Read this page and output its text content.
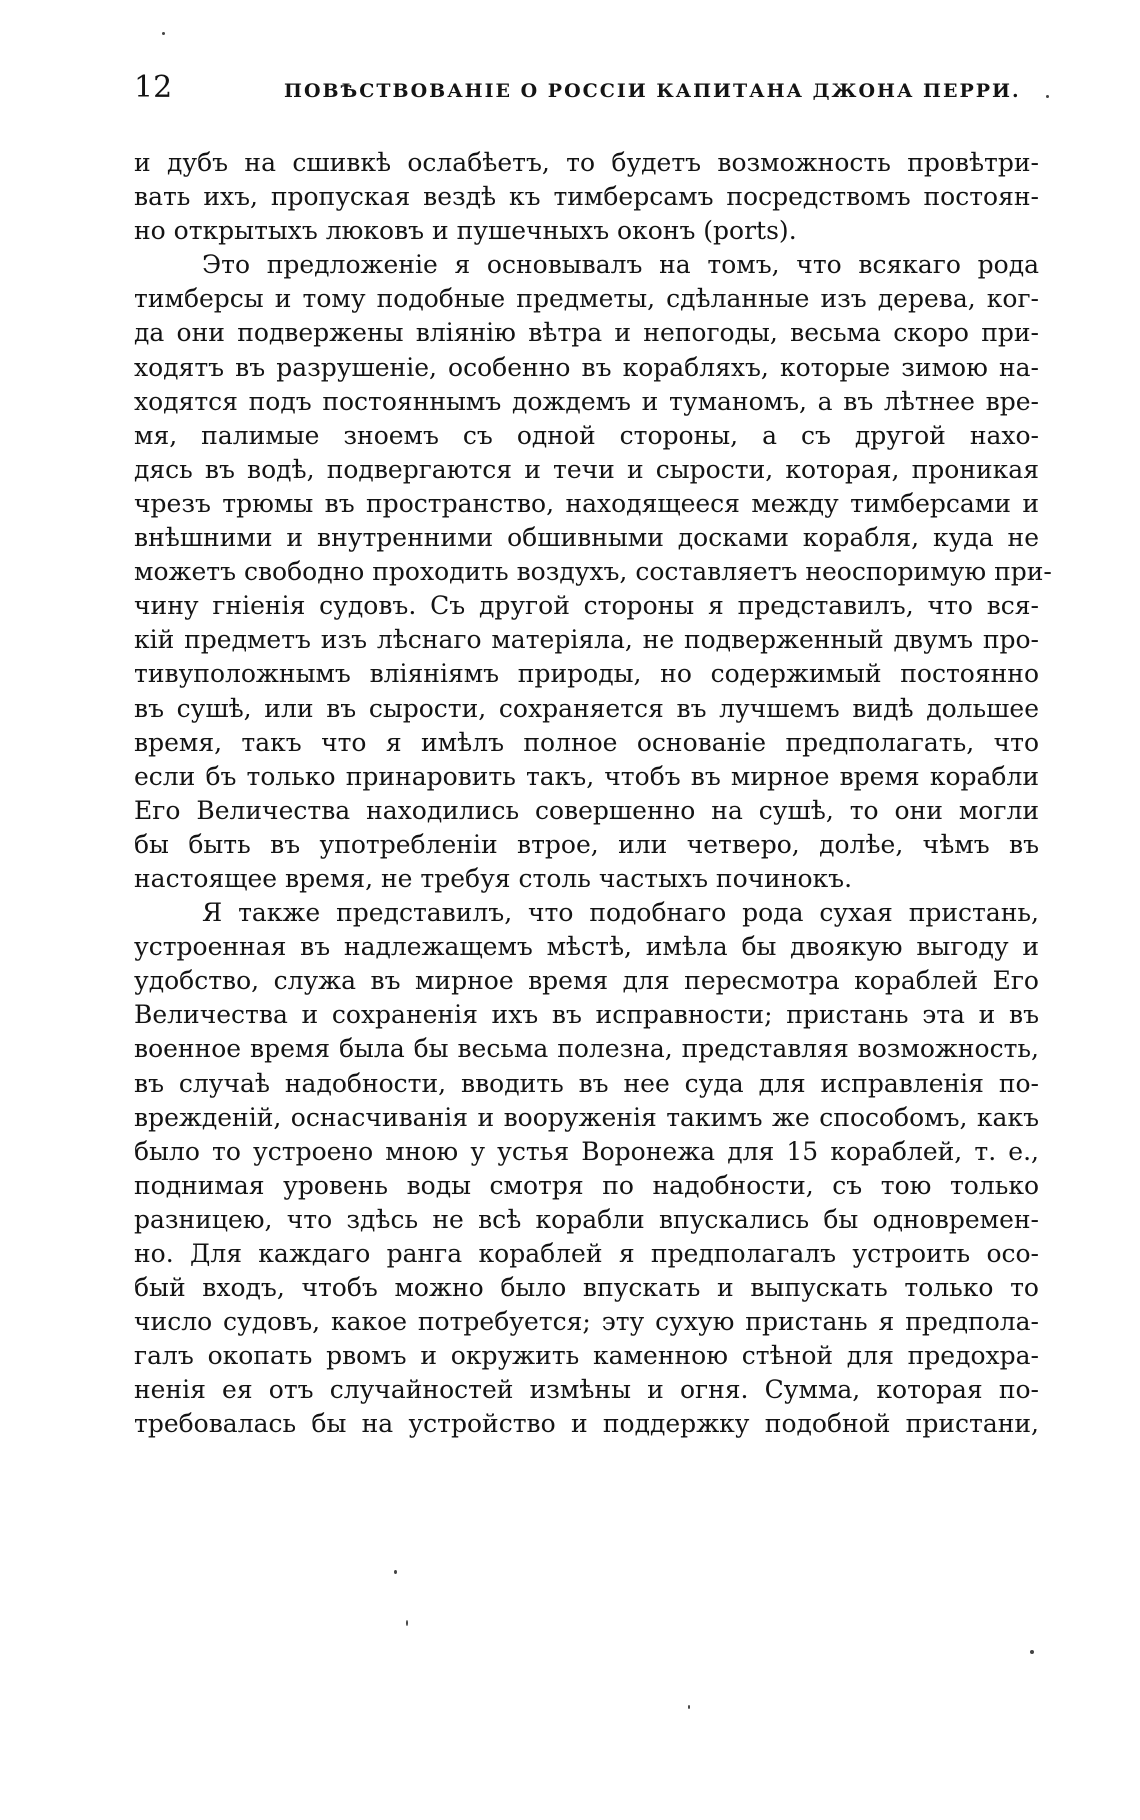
12	ПОВѢСТВОВАНІЕ О РОССІИ КАПИТАНА ДЖОНА ПЕРРИ.
и дубъ на сшивкѣ ослабѣетъ, то будетъ возможность провѣтри-
вать ихъ, пропуская вездѣ къ тимберсамъ посредствомъ постоян-
но открытыхъ люковъ и пушечныхъ оконъ (ports).
Это предложеніе я основывалъ на томъ, что всякаго рода
тимберсы и тому подобные предметы, сдѣланные изъ дерева, ког-
да они подвержены вліянію вѣтра и непогоды, весьма скоро при-
ходятъ въ разрушеніе, особенно въ корабляхъ, которые зимою на-
ходятся подъ постояннымъ дождемъ и туманомъ, а въ лѣтнее вре-
мя, палимые зноемъ съ одной стороны, а съ другой нахо-
дясь въ водѣ, подвергаются и течи и сырости, которая, проникая
чрезъ трюмы въ пространство, находящееся между тимберсами и
внѣшними и внутренними обшивными досками корабля, куда не
можетъ свободно проходить воздухъ, составляетъ неоспоримую при-
чину гніенія судовъ. Съ другой стороны я представилъ, что вся-
кій предметъ изъ лѣснаго матеріяла, не подверженный двумъ про-
тивуположнымъ вліяніямъ природы, но содержимый постоянно
въ сушѣ, или въ сырости, сохраняется въ лучшемъ видѣ дольшее
время, такъ что я имѣлъ полное основаніе предполагать, что
если бъ только принаровить такъ, чтобъ въ мирное время корабли
Его Величества находились совершенно на сушѣ, то они могли
бы быть въ употребленіи втрое, или четверо, долѣе, чѣмъ въ
настоящее время, не требуя столь частыхъ починокъ.
Я также представилъ, что подобнаго рода сухая пристань,
устроенная въ надлежащемъ мѣстѣ, имѣла бы двоякую выгоду и
удобство, служа въ мирное время для пересмотра кораблей Его
Величества и сохраненія ихъ въ исправности; пристань эта и въ
военное время была бы весьма полезна, представляя возможность,
въ случаѣ надобности, вводить въ нее суда для исправленія по-
врежденій, оснасчиванія и вооруженія такимъ же способомъ, какъ
было то устроено мною у устья Воронежа для 15 кораблей, т. е.,
поднимая уровень воды смотря по надобности, съ тою только
разницею, что здѣсь не всѣ корабли впускались бы одновремен-
но. Для каждаго ранга кораблей я предполагалъ устроить осо-
бый входъ, чтобъ можно было впускать и выпускать только то
число судовъ, какое потребуется; эту сухую пристань я предпола-
галъ окопать рвомъ и окружить каменною стѣной для предохра-
ненія ея отъ случайностей измѣны и огня. Сумма, которая по-
требовалась бы на устройство и поддержку подобной пристани,
